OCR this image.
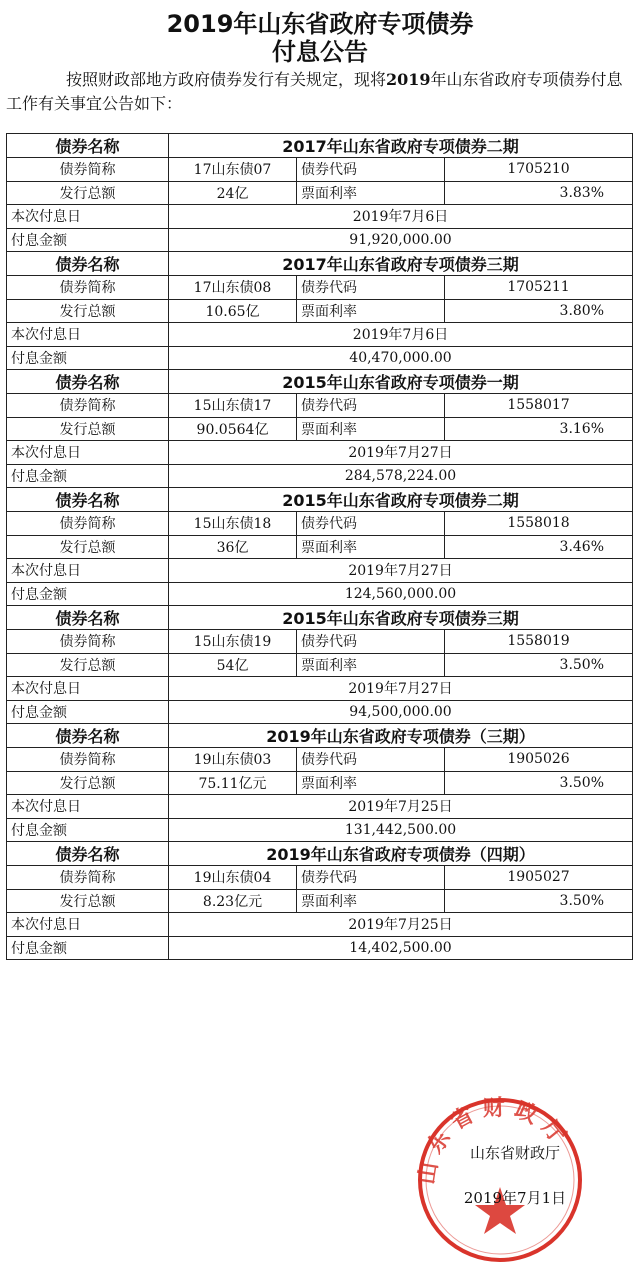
2019年山东省政府专项债券
付息公告
按照财政部地方政府债券发行有关规定，现将2019年山东省政府专项债券付息工作有关事宜公告如下：
债券名称	2017年山东省政府专项债券二期		
债券简称	17山东债07	债券代码	1705210
发行总额	24亿	票面利率	3.83%
本次付息日	2019年7月6日		
付息金额	91,920,000.00		
债券名称	2017年山东省政府专项债券三期		
债券简称	17山东债08	债券代码	1705211
发行总额	10.65亿	票面利率	3.80%
本次付息日	2019年7月6日		
付息金额	40,470,000.00		
债券名称	2015年山东省政府专项债券一期		
债券简称	15山东债17	债券代码	1558017
发行总额	90.0564亿	票面利率	3.16%
本次付息日	2019年7月27日		
付息金额	284,578,224.00		
债券名称	2015年山东省政府专项债券二期		
债券简称	15山东债18	债券代码	1558018
发行总额	36亿	票面利率	3.46%
本次付息日	2019年7月27日		
付息金额	124,560,000.00		
债券名称	2015年山东省政府专项债券三期		
债券简称	15山东债19	债券代码	1558019
发行总额	54亿	票面利率	3.50%
本次付息日	2019年7月27日		
付息金额	94,500,000.00		
债券名称	2019年山东省政府专项债券（三期）		
债券简称	19山东债03	债券代码	1905026
发行总额	75.11亿元	票面利率	3.50%
本次付息日	2019年7月25日		
付息金额	131,442,500.00		
债券名称	2019年山东省政府专项债券（四期）		
债券简称	19山东债04	债券代码	1905027
发行总额	8.23亿元	票面利率	3.50%
本次付息日	2019年7月25日		
付息金额	14,402,500.00		
山东省财政厅
山东省财政厅
2019年7月1日
